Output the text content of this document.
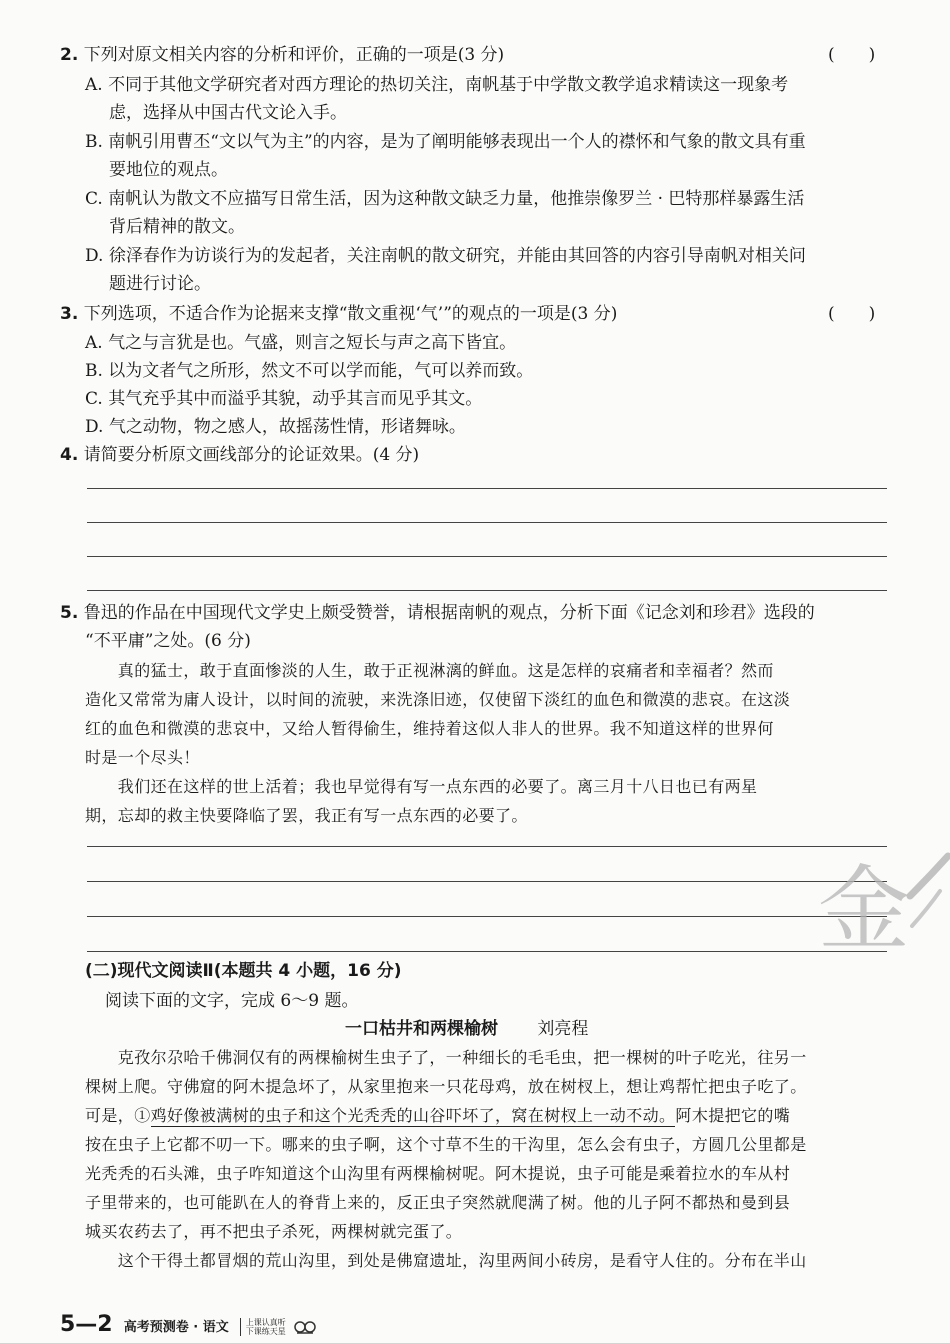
2. 下列对原文相关内容的分析和评价，正确的一项是(3 分)	(　　)
A. 不同于其他文学研究者对西方理论的热切关注，南帆基于中学散文教学追求精读这一现象考
虑，选择从中国古代文论入手。
B. 南帆引用曹丕“文以气为主”的内容，是为了阐明能够表现出一个人的襟怀和气象的散文具有重
要地位的观点。
C. 南帆认为散文不应描写日常生活，因为这种散文缺乏力量，他推崇像罗兰 · 巴特那样暴露生活
背后精神的散文。
D. 徐泽春作为访谈行为的发起者，关注南帆的散文研究，并能由其回答的内容引导南帆对相关问
题进行讨论。
3. 下列选项，不适合作为论据来支撑“散文重视‘气’”的观点的一项是(3 分)	(　　)
A. 气之与言犹是也。气盛，则言之短长与声之高下皆宜。
B. 以为文者气之所形，然文不可以学而能，气可以养而致。
C. 其气充乎其中而溢乎其貌，动乎其言而见乎其文。
D. 气之动物，物之感人，故摇荡性情，形诸舞咏。
4. 请简要分析原文画线部分的论证效果。(4 分)
5. 鲁迅的作品在中国现代文学史上颇受赞誉，请根据南帆的观点，分析下面《记念刘和珍君》选段的
“不平庸”之处。(6 分)
　　真的猛士，敢于直面惨淡的人生，敢于正视淋漓的鲜血。这是怎样的哀痛者和幸福者？然而
造化又常常为庸人设计，以时间的流驶，来洗涤旧迹，仅使留下淡红的血色和微漠的悲哀。在这淡
红的血色和微漠的悲哀中，又给人暂得偷生，维持着这似人非人的世界。我不知道这样的世界何
时是一个尽头！
　　我们还在这样的世上活着；我也早觉得有写一点东西的必要了。离三月十八日也已有两星
期，忘却的救主快要降临了罢，我正有写一点东西的必要了。
金
(二)现代文阅读Ⅱ(本题共 4 小题，16 分)
阅读下面的文字，完成 6～9 题。
一口枯井和两棵榆树 刘亮程
　　克孜尔尕哈千佛洞仅有的两棵榆树生虫子了，一种细长的毛毛虫，把一棵树的叶子吃光，往另一
棵树上爬。守佛窟的阿木提急坏了，从家里抱来一只花母鸡，放在树杈上，想让鸡帮忙把虫子吃了。
可是，①鸡好像被满树的虫子和这个光秃秃的山谷吓坏了，窝在树杈上一动不动。阿木提把它的嘴
按在虫子上它都不叨一下。哪来的虫子啊，这个寸草不生的干沟里，怎么会有虫子，方圆几公里都是
光秃秃的石头滩，虫子咋知道这个山沟里有两棵榆树呢。阿木提说，虫子可能是乘着拉水的车从村
子里带来的，也可能趴在人的脊背上来的，反正虫子突然就爬满了树。他的儿子阿不都热和曼到县
城买农药去了，再不把虫子杀死，两棵树就完蛋了。
　　这个干得土都冒烟的荒山沟里，到处是佛窟遗址，沟里两间小砖房，是看守人住的。分布在半山
5—2 高考预测卷 · 语文 上课认真听
下课练天星
